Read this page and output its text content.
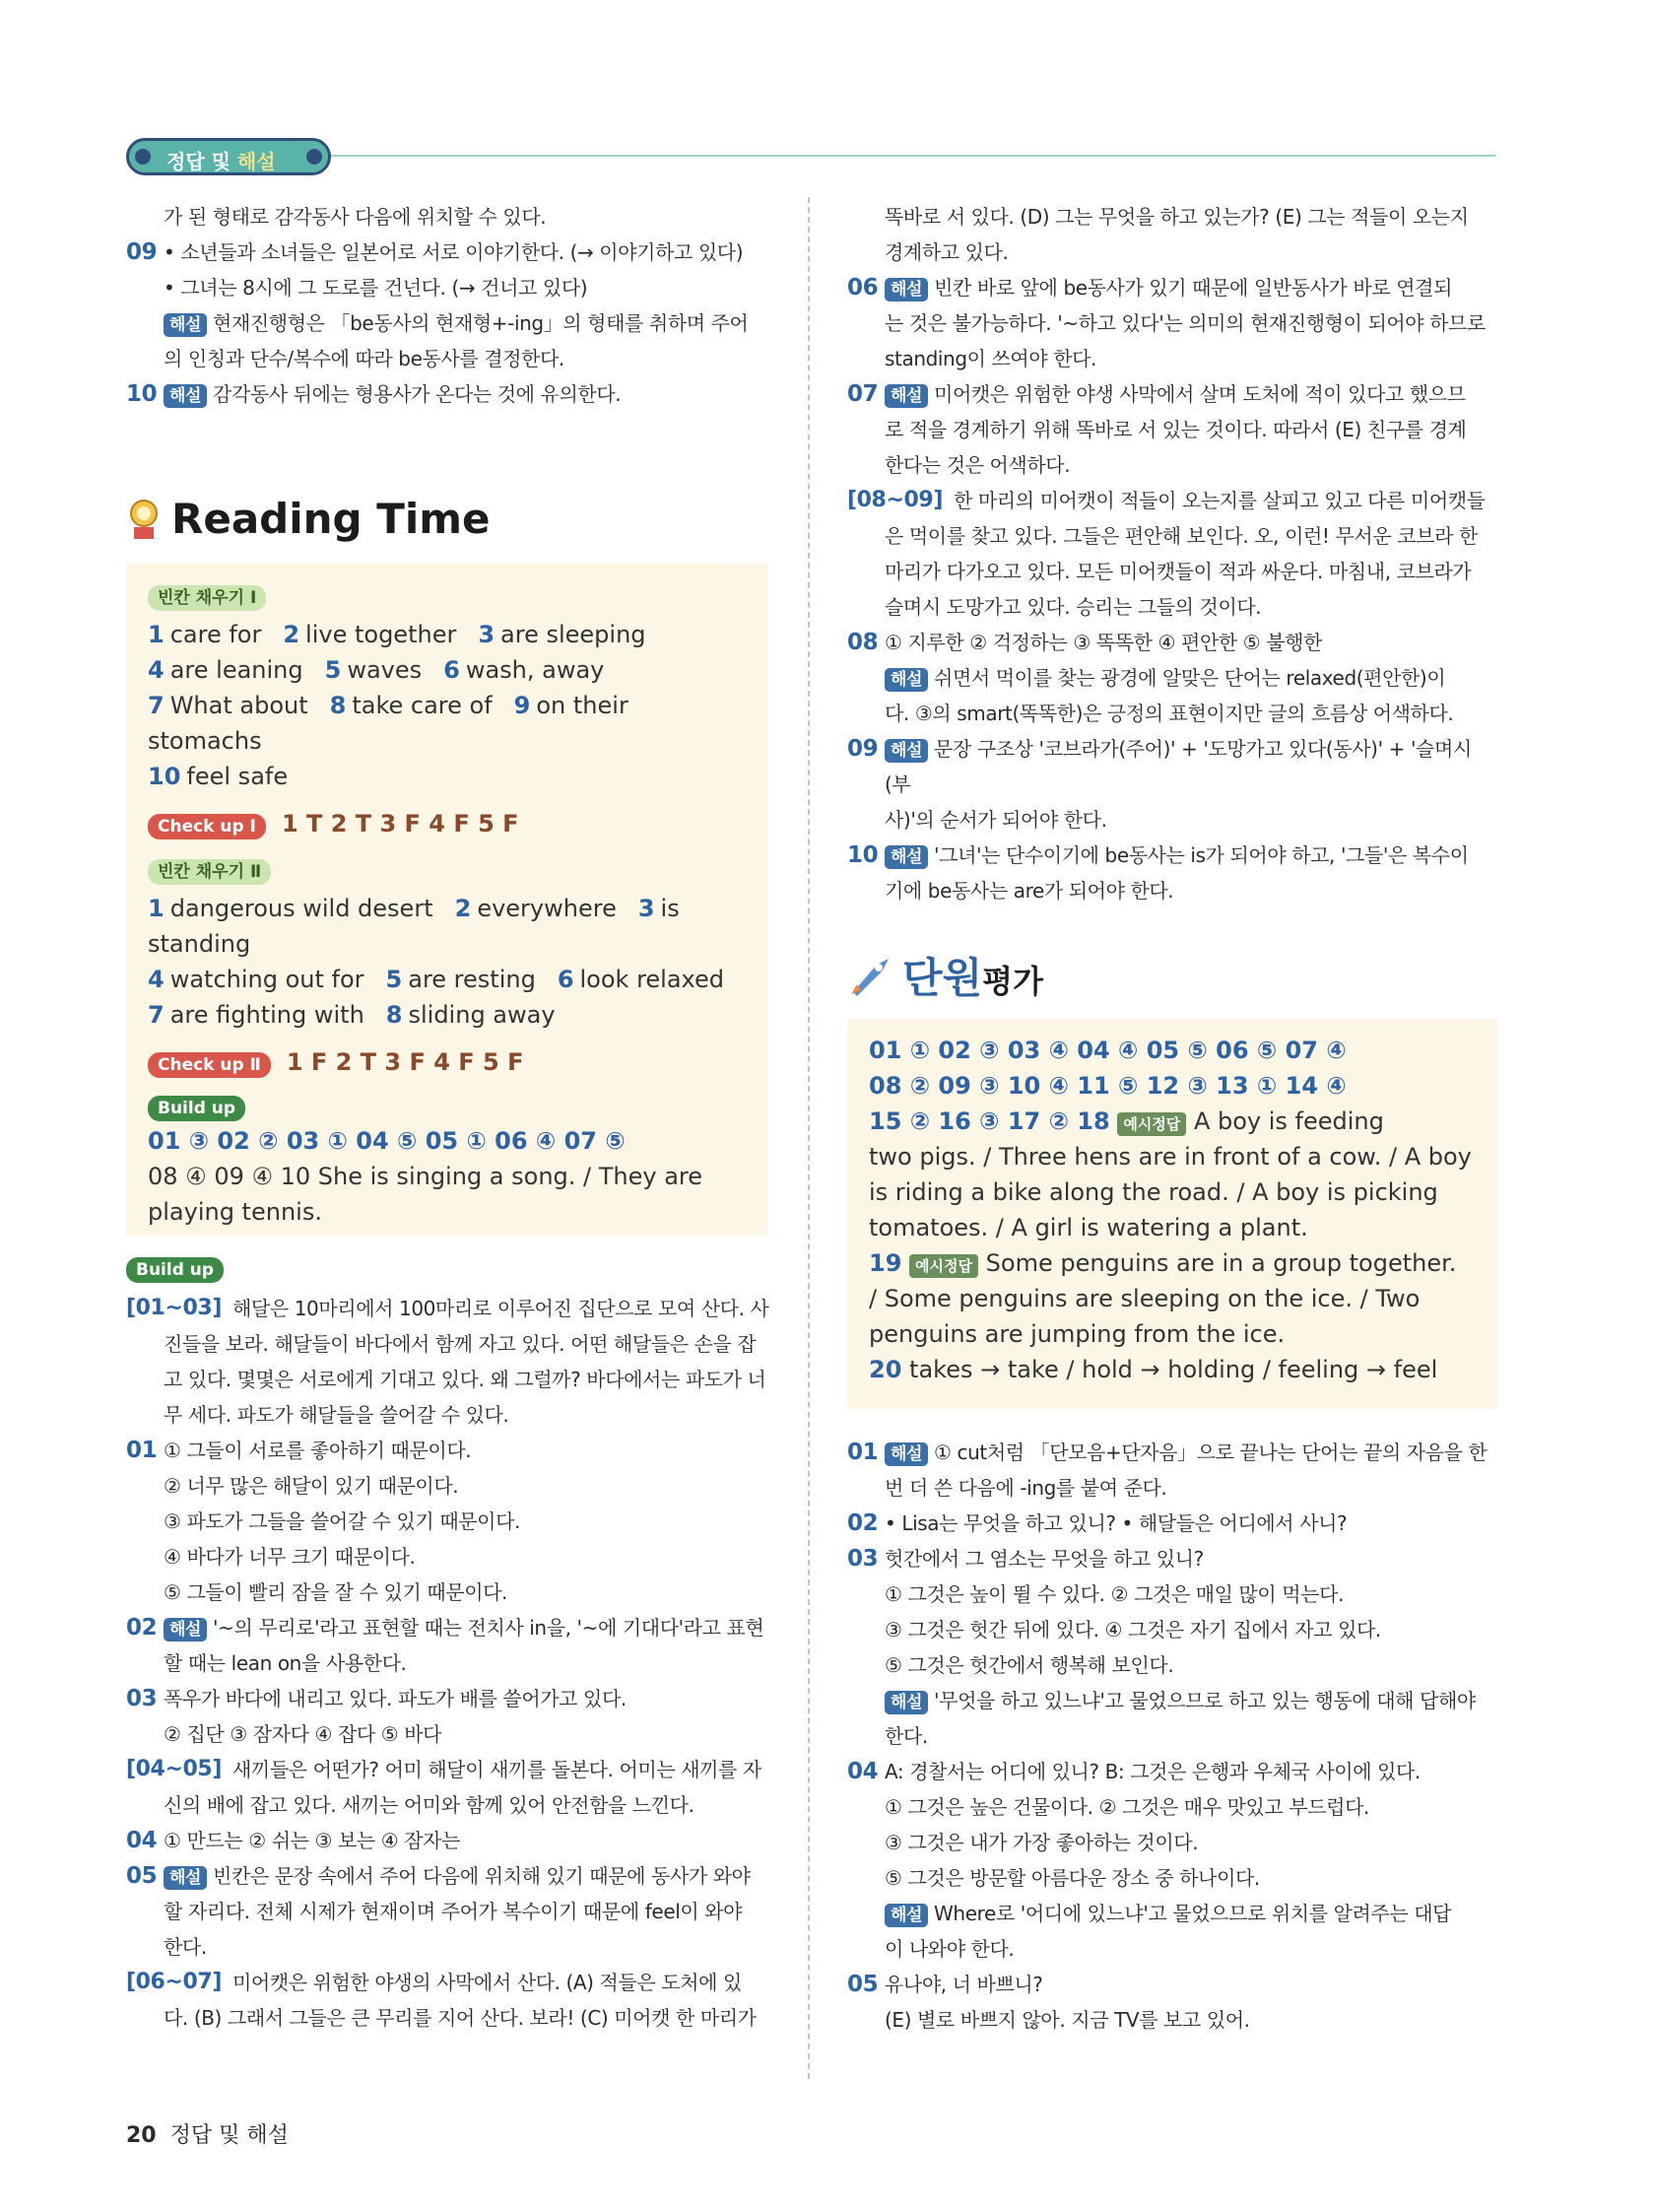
정답 및 해설

가 된 형태로 감각동사 다음에 위치할 수 있다.

09 • 소년들과 소녀들은 일본어로 서로 이야기한다. (→ 이야기하고 있다)

• 그녀는 8시에 그 도로를 건넌다. (→ 건너고 있다)

해설 현재진행형은 「be동사의 현재형+-ing」의 형태를 취하며 주어

의 인칭과 단수/복수에 따라 be동사를 결정한다.

10 해설 감각동사 뒤에는 형용사가 온다는 것에 유의한다.

Reading Time

빈칸 채우기 Ⅰ

1 care for 2 live together 3 are sleeping

4 are leaning 5 waves 6 wash, away

7 What about 8 take care of 9 on their stomachs

10 feel safe

Check up Ⅰ 1 T 2 T 3 F 4 F 5 F

빈칸 채우기 Ⅱ

1 dangerous wild desert 2 everywhere 3 is standing

4 watching out for 5 are resting 6 look relaxed

7 are fighting with 8 sliding away

Check up Ⅱ 1 F 2 T 3 F 4 F 5 F

Build up

01 ③ 02 ② 03 ① 04 ⑤ 05 ① 06 ④ 07 ⑤

08 ④ 09 ④ 10 She is singing a song. / They are

playing tennis.

Build up

[01~03] 해달은 10마리에서 100마리로 이루어진 집단으로 모여 산다. 사

진들을 보라. 해달들이 바다에서 함께 자고 있다. 어떤 해달들은 손을 잡

고 있다. 몇몇은 서로에게 기대고 있다. 왜 그럴까? 바다에서는 파도가 너

무 세다. 파도가 해달들을 쓸어갈 수 있다.

01 ① 그들이 서로를 좋아하기 때문이다.

② 너무 많은 해달이 있기 때문이다.

③ 파도가 그들을 쓸어갈 수 있기 때문이다.

④ 바다가 너무 크기 때문이다.

⑤ 그들이 빨리 잠을 잘 수 있기 때문이다.

02 해설 '~의 무리로'라고 표현할 때는 전치사 in을, '~에 기대다'라고 표현

할 때는 lean on을 사용한다.

03 폭우가 바다에 내리고 있다. 파도가 배를 쓸어가고 있다.

② 집단 ③ 잠자다 ④ 잡다 ⑤ 바다

[04~05] 새끼들은 어떤가? 어미 해달이 새끼를 돌본다. 어미는 새끼를 자

신의 배에 잡고 있다. 새끼는 어미와 함께 있어 안전함을 느낀다.

04 ① 만드는 ② 쉬는 ③ 보는 ④ 잠자는

05 해설 빈칸은 문장 속에서 주어 다음에 위치해 있기 때문에 동사가 와야

할 자리다. 전체 시제가 현재이며 주어가 복수이기 때문에 feel이 와야

한다.

[06~07] 미어캣은 위험한 야생의 사막에서 산다. (A) 적들은 도처에 있

다. (B) 그래서 그들은 큰 무리를 지어 산다. 보라! (C) 미어캣 한 마리가

똑바로 서 있다. (D) 그는 무엇을 하고 있는가? (E) 그는 적들이 오는지

경계하고 있다.

06 해설 빈칸 바로 앞에 be동사가 있기 때문에 일반동사가 바로 연결되

는 것은 불가능하다. '~하고 있다'는 의미의 현재진행형이 되어야 하므로

standing이 쓰여야 한다.

07 해설 미어캣은 위험한 야생 사막에서 살며 도처에 적이 있다고 했으므

로 적을 경계하기 위해 똑바로 서 있는 것이다. 따라서 (E) 친구를 경계

한다는 것은 어색하다.

[08~09] 한 마리의 미어캣이 적들이 오는지를 살피고 있고 다른 미어캣들

은 먹이를 찾고 있다. 그들은 편안해 보인다. 오, 이런! 무서운 코브라 한

마리가 다가오고 있다. 모든 미어캣들이 적과 싸운다. 마침내, 코브라가

슬며시 도망가고 있다. 승리는 그들의 것이다.

08 ① 지루한 ② 걱정하는 ③ 똑똑한 ④ 편안한 ⑤ 불행한

해설 쉬면서 먹이를 찾는 광경에 알맞은 단어는 relaxed(편안한)이

다. ③의 smart(똑똑한)은 긍정의 표현이지만 글의 흐름상 어색하다.

09 해설 문장 구조상 '코브라가(주어)' + '도망가고 있다(동사)' + '슬며시(부

사)'의 순서가 되어야 한다.

10 해설 '그녀'는 단수이기에 be동사는 is가 되어야 하고, '그들'은 복수이

기에 be동사는 are가 되어야 한다.

단원평가

01 ① 02 ③ 03 ④ 04 ④ 05 ⑤ 06 ⑤ 07 ④

08 ② 09 ③ 10 ④ 11 ⑤ 12 ③ 13 ① 14 ④

15 ② 16 ③ 17 ② 18 예시정답 A boy is feeding

two pigs. / Three hens are in front of a cow. / A boy

is riding a bike along the road. / A boy is picking

tomatoes. / A girl is watering a plant.

19 예시정답 Some penguins are in a group together.

/ Some penguins are sleeping on the ice. / Two

penguins are jumping from the ice.

20 takes → take / hold → holding / feeling → feel

01 해설 ① cut처럼 「단모음+단자음」으로 끝나는 단어는 끝의 자음을 한

번 더 쓴 다음에 -ing를 붙여 준다.

02 • Lisa는 무엇을 하고 있니? • 해달들은 어디에서 사니?

03 헛간에서 그 염소는 무엇을 하고 있니?

① 그것은 높이 뛸 수 있다. ② 그것은 매일 많이 먹는다.

③ 그것은 헛간 뒤에 있다. ④ 그것은 자기 집에서 자고 있다.

⑤ 그것은 헛간에서 행복해 보인다.

해설 '무엇을 하고 있느냐'고 물었으므로 하고 있는 행동에 대해 답해야

한다.

04 A: 경찰서는 어디에 있니? B: 그것은 은행과 우체국 사이에 있다.

① 그것은 높은 건물이다. ② 그것은 매우 맛있고 부드럽다.

③ 그것은 내가 가장 좋아하는 것이다.

⑤ 그것은 방문할 아름다운 장소 중 하나이다.

해설 Where로 '어디에 있느냐'고 물었으므로 위치를 알려주는 대답

이 나와야 한다.

05 유나야, 너 바쁘니?

(E) 별로 바쁘지 않아. 지금 TV를 보고 있어.

20 정답 및 해설
